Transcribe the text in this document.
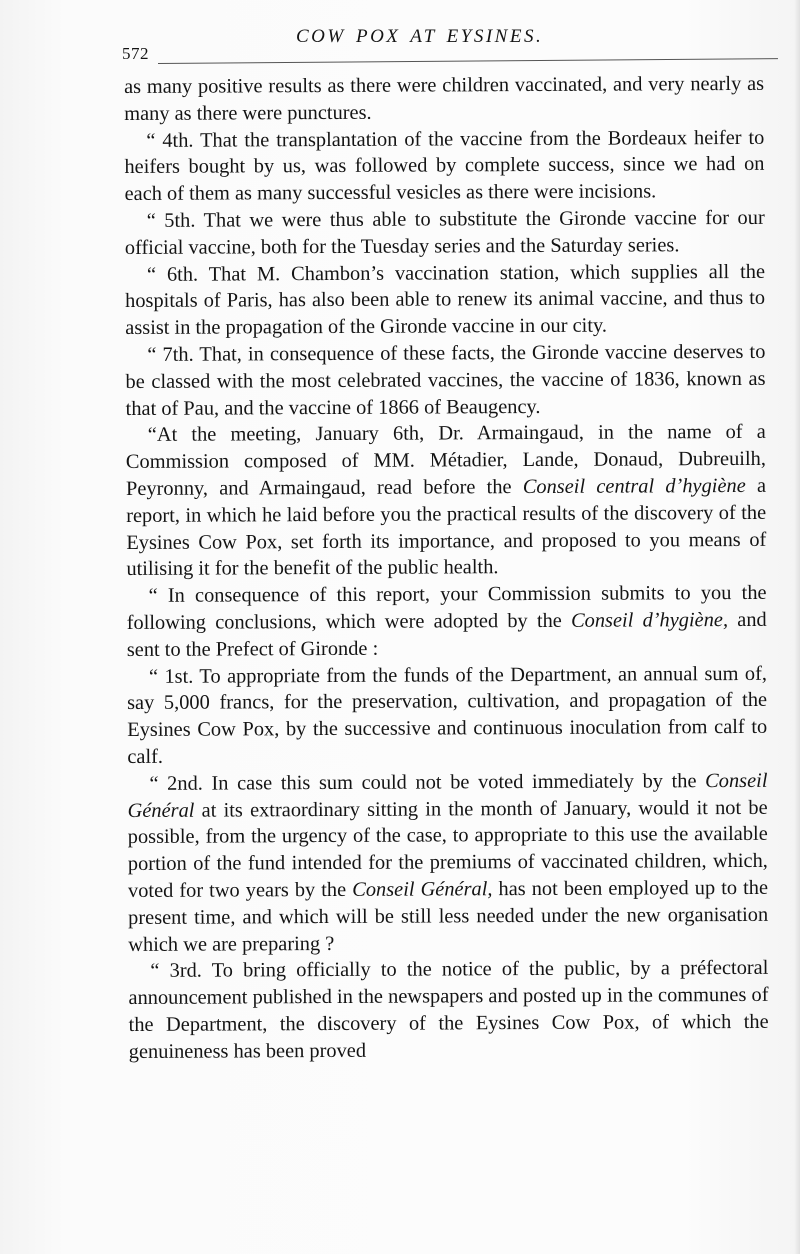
572
COW POX AT EYSINES.

as many positive results as there were children vaccinated, and very nearly as many as there were punctures.

“ 4th. That the transplantation of the vaccine from the Bordeaux heifer to heifers bought by us, was followed by complete success, since we had on each of them as many successful vesicles as there were incisions.

“ 5th. That we were thus able to substitute the Gironde vaccine for our official vaccine, both for the Tuesday series and the Saturday series.

“ 6th. That M. Chambon’s vaccination station, which supplies all the hospitals of Paris, has also been able to renew its animal vaccine, and thus to assist in the propagation of the Gironde vaccine in our city.

“ 7th. That, in consequence of these facts, the Gironde vaccine deserves to be classed with the most celebrated vaccines, the vaccine of 1836, known as that of Pau, and the vaccine of 1866 of Beaugency.

“At the meeting, January 6th, Dr. Armaingaud, in the name of a Commission composed of MM. Métadier, Lande, Donaud, Dubreuilh, Peyronny, and Armaingaud, read before the Conseil central d’hygiène a report, in which he laid before you the practical results of the discovery of the Eysines Cow Pox, set forth its importance, and proposed to you means of utilising it for the benefit of the public health.

“ In consequence of this report, your Commission submits to you the following conclusions, which were adopted by the Conseil d’hygiène, and sent to the Prefect of Gironde :

“ 1st. To appropriate from the funds of the Department, an annual sum of, say 5,000 francs, for the preservation, cultivation, and propagation of the Eysines Cow Pox, by the successive and continuous inoculation from calf to calf.

“ 2nd. In case this sum could not be voted immediately by the Conseil Général at its extraordinary sitting in the month of January, would it not be possible, from the urgency of the case, to appropriate to this use the available portion of the fund intended for the premiums of vaccinated children, which, voted for two years by the Conseil Général, has not been employed up to the present time, and which will be still less needed under the new organisation which we are preparing ?

“ 3rd. To bring officially to the notice of the public, by a préfectoral announcement published in the newspapers and posted up in the communes of the Department, the discovery of the Eysines Cow Pox, of which the genuineness has been proved
